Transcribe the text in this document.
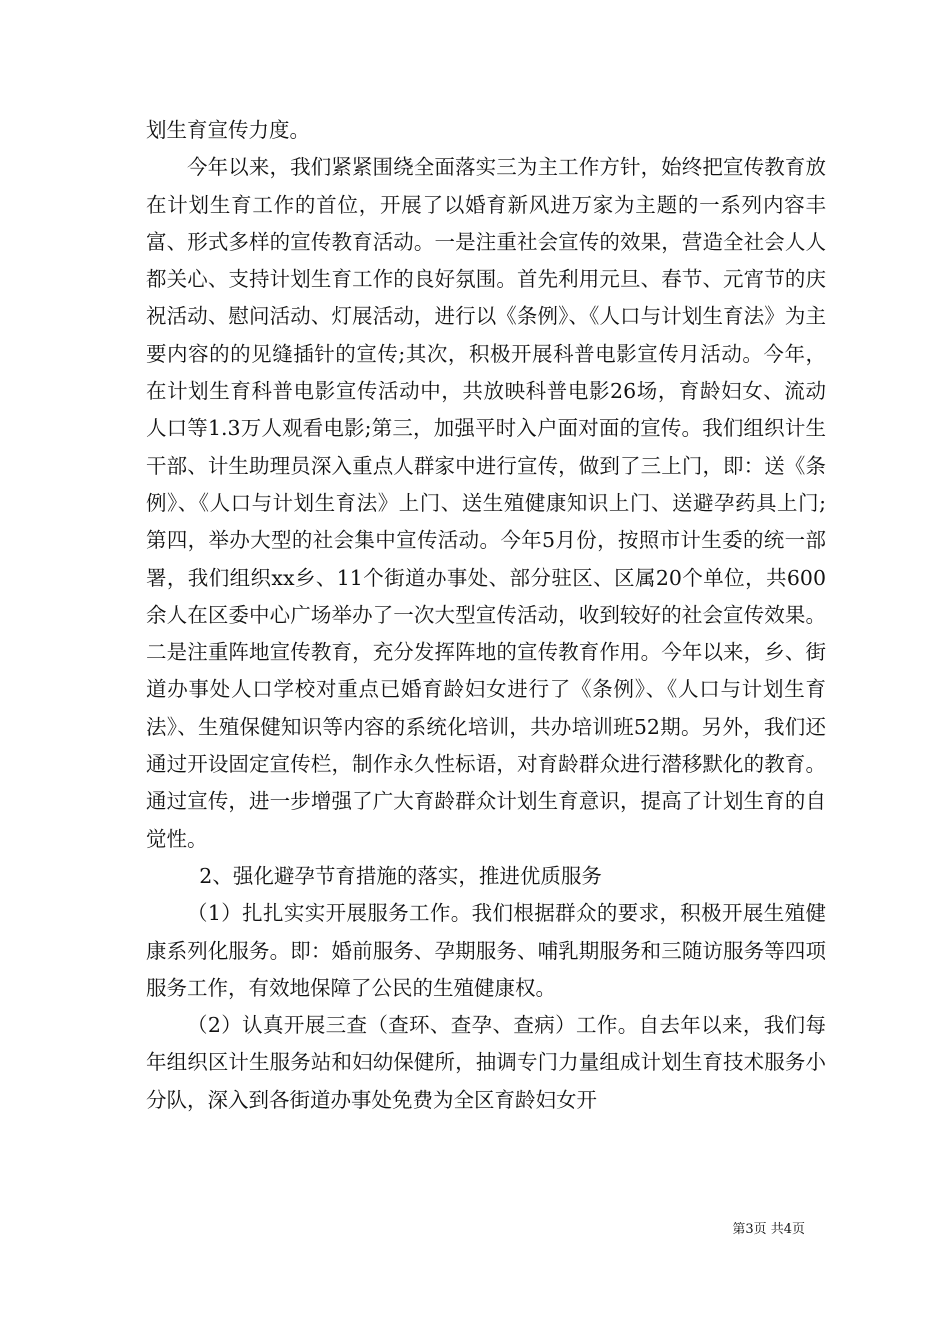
划生育宣传力度。

今年以来，我们紧紧围绕全面落实三为主工作方针，始终把宣传教育放在计划生育工作的首位，开展了以婚育新风进万家为主题的一系列内容丰富、形式多样的宣传教育活动。一是注重社会宣传的效果，营造全社会人人都关心、支持计划生育工作的良好氛围。首先利用元旦、春节、元宵节的庆祝活动、慰问活动、灯展活动，进行以《条例》、《人口与计划生育法》为主要内容的的见缝插针的宣传;其次，积极开展科普电影宣传月活动。今年，在计划生育科普电影宣传活动中，共放映科普电影26场，育龄妇女、流动人口等1.3万人观看电影;第三，加强平时入户面对面的宣传。我们组织计生干部、计生助理员深入重点人群家中进行宣传，做到了三上门，即：送《条例》、《人口与计划生育法》上门、送生殖健康知识上门、送避孕药具上门;第四，举办大型的社会集中宣传活动。今年5月份，按照市计生委的统一部署，我们组织xx乡、11个街道办事处、部分驻区、区属20个单位，共600余人在区委中心广场举办了一次大型宣传活动，收到较好的社会宣传效果。二是注重阵地宣传教育，充分发挥阵地的宣传教育作用。今年以来，乡、街道办事处人口学校对重点已婚育龄妇女进行了《条例》、《人口与计划生育法》、生殖保健知识等内容的系统化培训，共办培训班52期。另外，我们还通过开设固定宣传栏，制作永久性标语，对育龄群众进行潜移默化的教育。通过宣传，进一步增强了广大育龄群众计划生育意识，提高了计划生育的自觉性。

2、强化避孕节育措施的落实，推进优质服务

（1）扎扎实实开展服务工作。我们根据群众的要求，积极开展生殖健康系列化服务。即：婚前服务、孕期服务、哺乳期服务和三随访服务等四项服务工作，有效地保障了公民的生殖健康权。

（2）认真开展三查（查环、查孕、查病）工作。自去年以来，我们每年组织区计生服务站和妇幼保健所，抽调专门力量组成计划生育技术服务小分队，深入到各街道办事处免费为全区育龄妇女开

第3页 共4页
